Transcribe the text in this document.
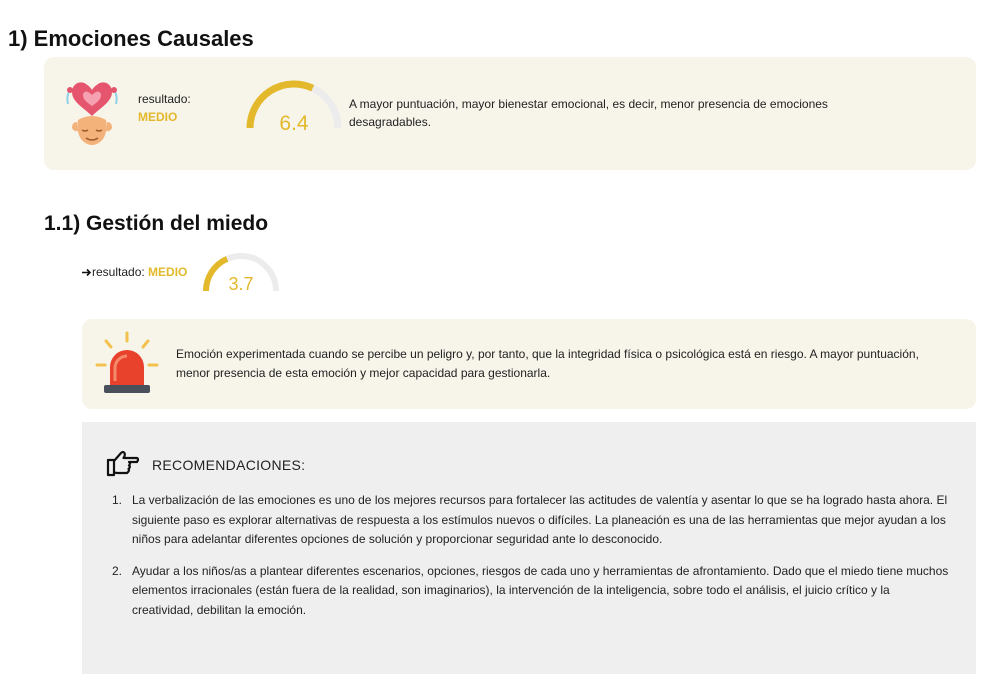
1) Emociones Causales
resultado:
MEDIO	6.4
A mayor puntuación, mayor bienestar emocional, es decir, menor presencia de emociones desagradables.
1.1) Gestión del miedo
resultado: MEDIO
3.7
Emoción experimentada cuando se percibe un peligro y, por tanto, que la integridad física o psicológica está en riesgo. A mayor puntuación, menor presencia de esta emoción y mejor capacidad para gestionarla.
RECOMENDACIONES:
1. La verbalización de las emociones es uno de los mejores recursos para fortalecer las actitudes de valentía y asentar lo que se ha logrado hasta ahora. El siguiente paso es explorar alternativas de respuesta a los estímulos nuevos o difíciles. La planeación es una de las herramientas que mejor ayudan a los niños para adelantar diferentes opciones de solución y proporcionar seguridad ante lo desconocido.
2. Ayudar a los niños/as a plantear diferentes escenarios, opciones, riesgos de cada uno y herramientas de afrontamiento. Dado que el miedo tiene muchos elementos irracionales (están fuera de la realidad, son imaginarios), la intervención de la inteligencia, sobre todo el análisis, el juicio crítico y la creatividad, debilitan la emoción.
